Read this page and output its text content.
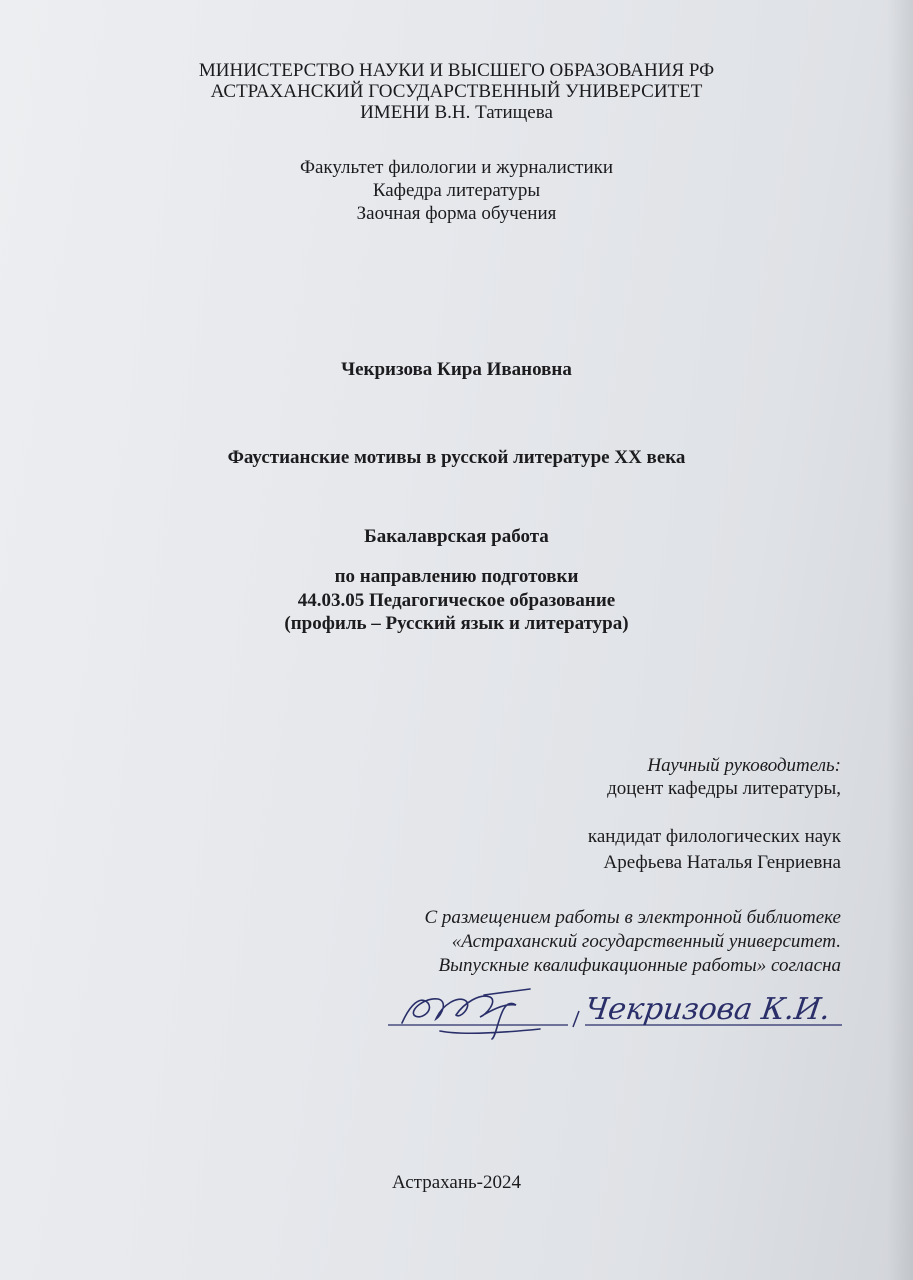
МИНИСТЕРСТВО НАУКИ И ВЫСШЕГО ОБРАЗОВАНИЯ РФ
АСТРАХАНСКИЙ ГОСУДАРСТВЕННЫЙ УНИВЕРСИТЕТ
ИМЕНИ В.Н. Татищева
Факультет филологии и журналистики
Кафедра литературы
Заочная форма обучения
Чекризова Кира Ивановна
Фаустианские мотивы в русской литературе XX века
Бакалаврская работа
по направлению подготовки
44.03.05 Педагогическое образование
(профиль – Русский язык и литература)
Научный руководитель:
доцент кафедры литературы,
кандидат филологических наук
Арефьева Наталья Генриевна
С размещением работы в электронной библиотеке
«Астраханский государственный университет.
Выпускные квалификационные работы» согласна
Чекризова К.И.
Астрахань-2024
